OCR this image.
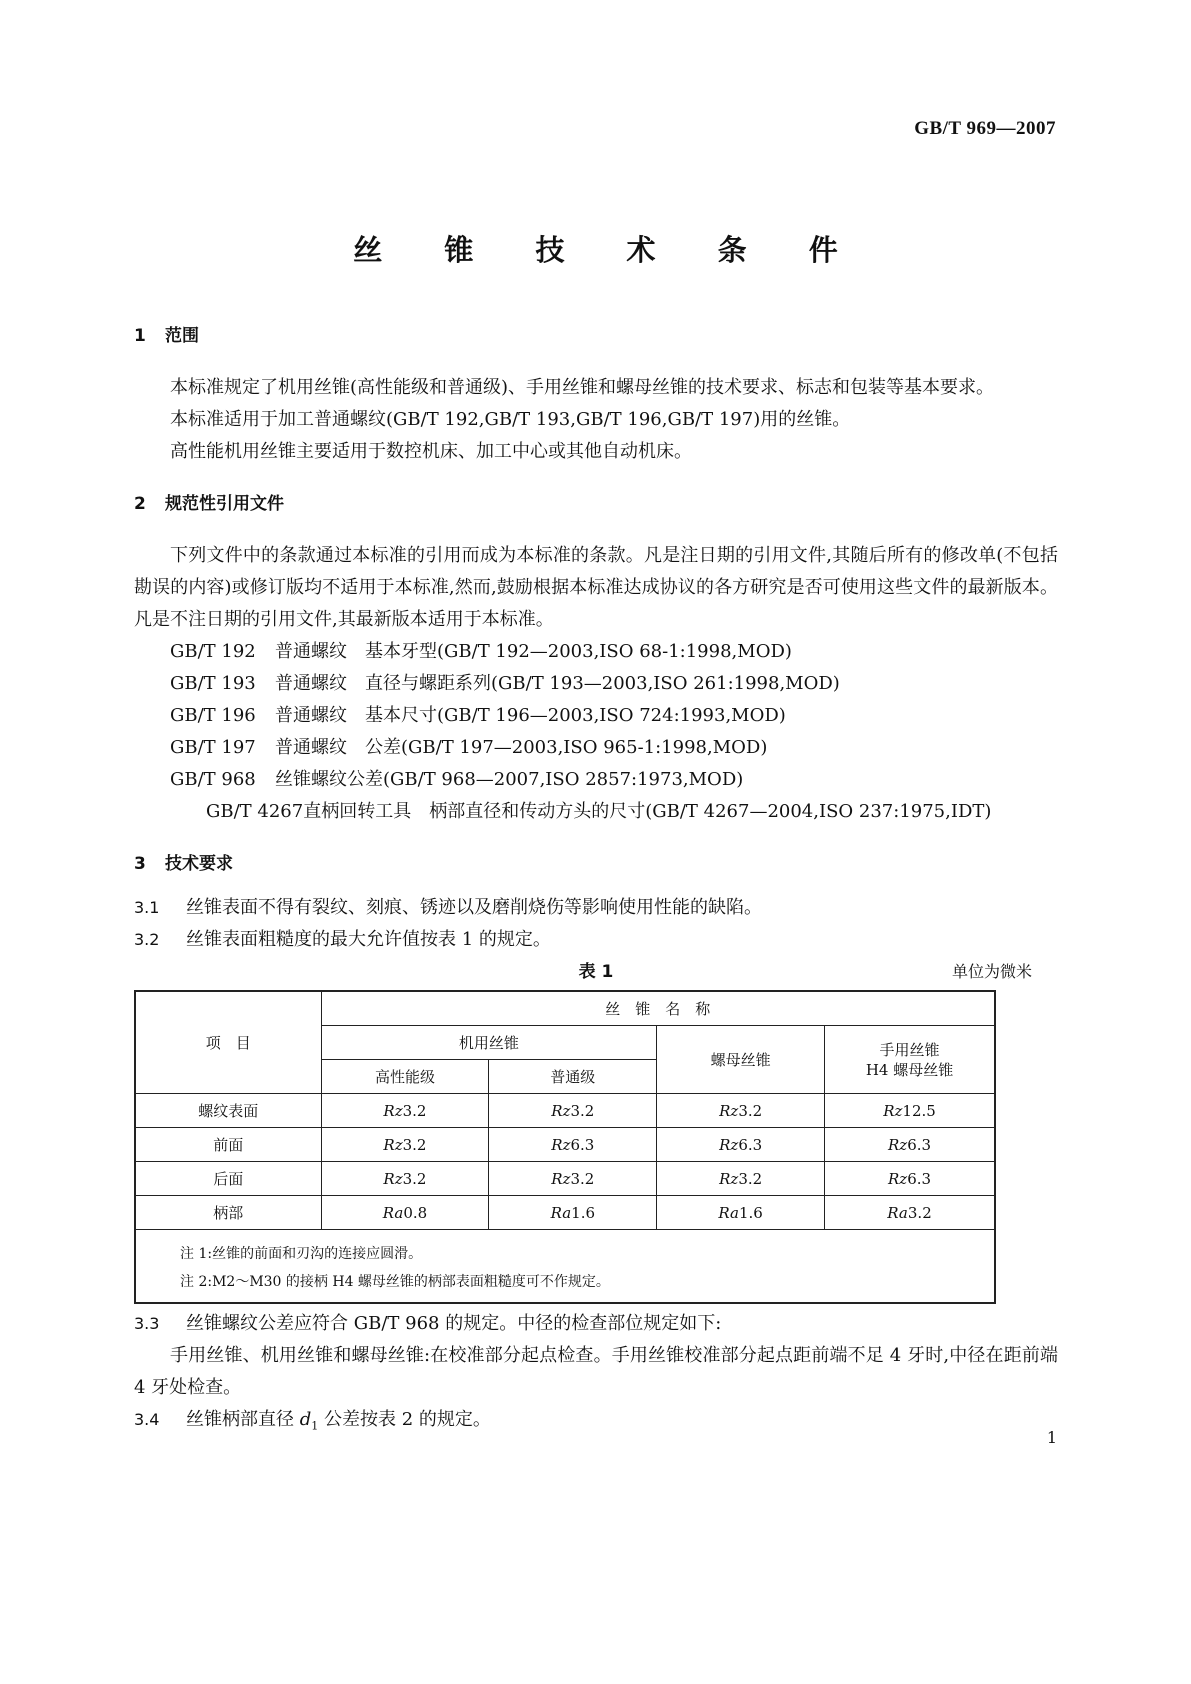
GB/T 969—2007
丝 锥 技 术 条 件
1 范围

本标准规定了机用丝锥(高性能级和普通级)、手用丝锥和螺母丝锥的技术要求、标志和包装等基本要求。

本标准适用于加工普通螺纹(GB/T 192,GB/T 193,GB/T 196,GB/T 197)用的丝锥。

高性能机用丝锥主要适用于数控机床、加工中心或其他自动机床。

2 规范性引用文件

下列文件中的条款通过本标准的引用而成为本标准的条款。凡是注日期的引用文件,其随后所有的修改单(不包括勘误的内容)或修订版均不适用于本标准,然而,鼓励根据本标准达成协议的各方研究是否可使用这些文件的最新版本。凡是不注日期的引用文件,其最新版本适用于本标准。

GB/T 192 普通螺纹　基本牙型(GB/T 192—2003,ISO 68-1:1998,MOD)

GB/T 193 普通螺纹　直径与螺距系列(GB/T 193—2003,ISO 261:1998,MOD)

GB/T 196 普通螺纹　基本尺寸(GB/T 196—2003,ISO 724:1993,MOD)

GB/T 197 普通螺纹　公差(GB/T 197—2003,ISO 965-1:1998,MOD)

GB/T 968 丝锥螺纹公差(GB/T 968—2007,ISO 2857:1973,MOD)

GB/T 4267直柄回转工具　柄部直径和传动方头的尺寸(GB/T 4267—2004,ISO 237:1975,IDT)

3 技术要求

3.1 丝锥表面不得有裂纹、刻痕、锈迹以及磨削烧伤等影响使用性能的缺陷。

3.2 丝锥表面粗糙度的最大允许值按表 1 的规定。

表 1	单位为微米
项　目	丝　锥　名　称			
	机用丝锥		螺母丝锥	手用丝锥
H4 螺母丝锥

	高性能级	普通级		
螺纹表面	Rz3.2	Rz3.2	Rz3.2	Rz12.5
前面	Rz3.2	Rz6.3	Rz6.3	Rz6.3
后面	Rz3.2	Rz3.2	Rz3.2	Rz6.3
柄部	Ra0.8	Ra1.6	Ra1.6	Ra3.2

注 1:丝锥的前面和刃沟的连接应圆滑。
注 2:M2～M30 的接柄 H4 螺母丝锥的柄部表面粗糙度可不作规定。				

3.3 丝锥螺纹公差应符合 GB/T 968 的规定。中径的检查部位规定如下:

手用丝锥、机用丝锥和螺母丝锥:在校准部分起点检查。手用丝锥校准部分起点距前端不足 4 牙时,中径在距前端 4 牙处检查。

3.4 丝锥柄部直径 $d_1$ 公差按表 2 的规定。

1
